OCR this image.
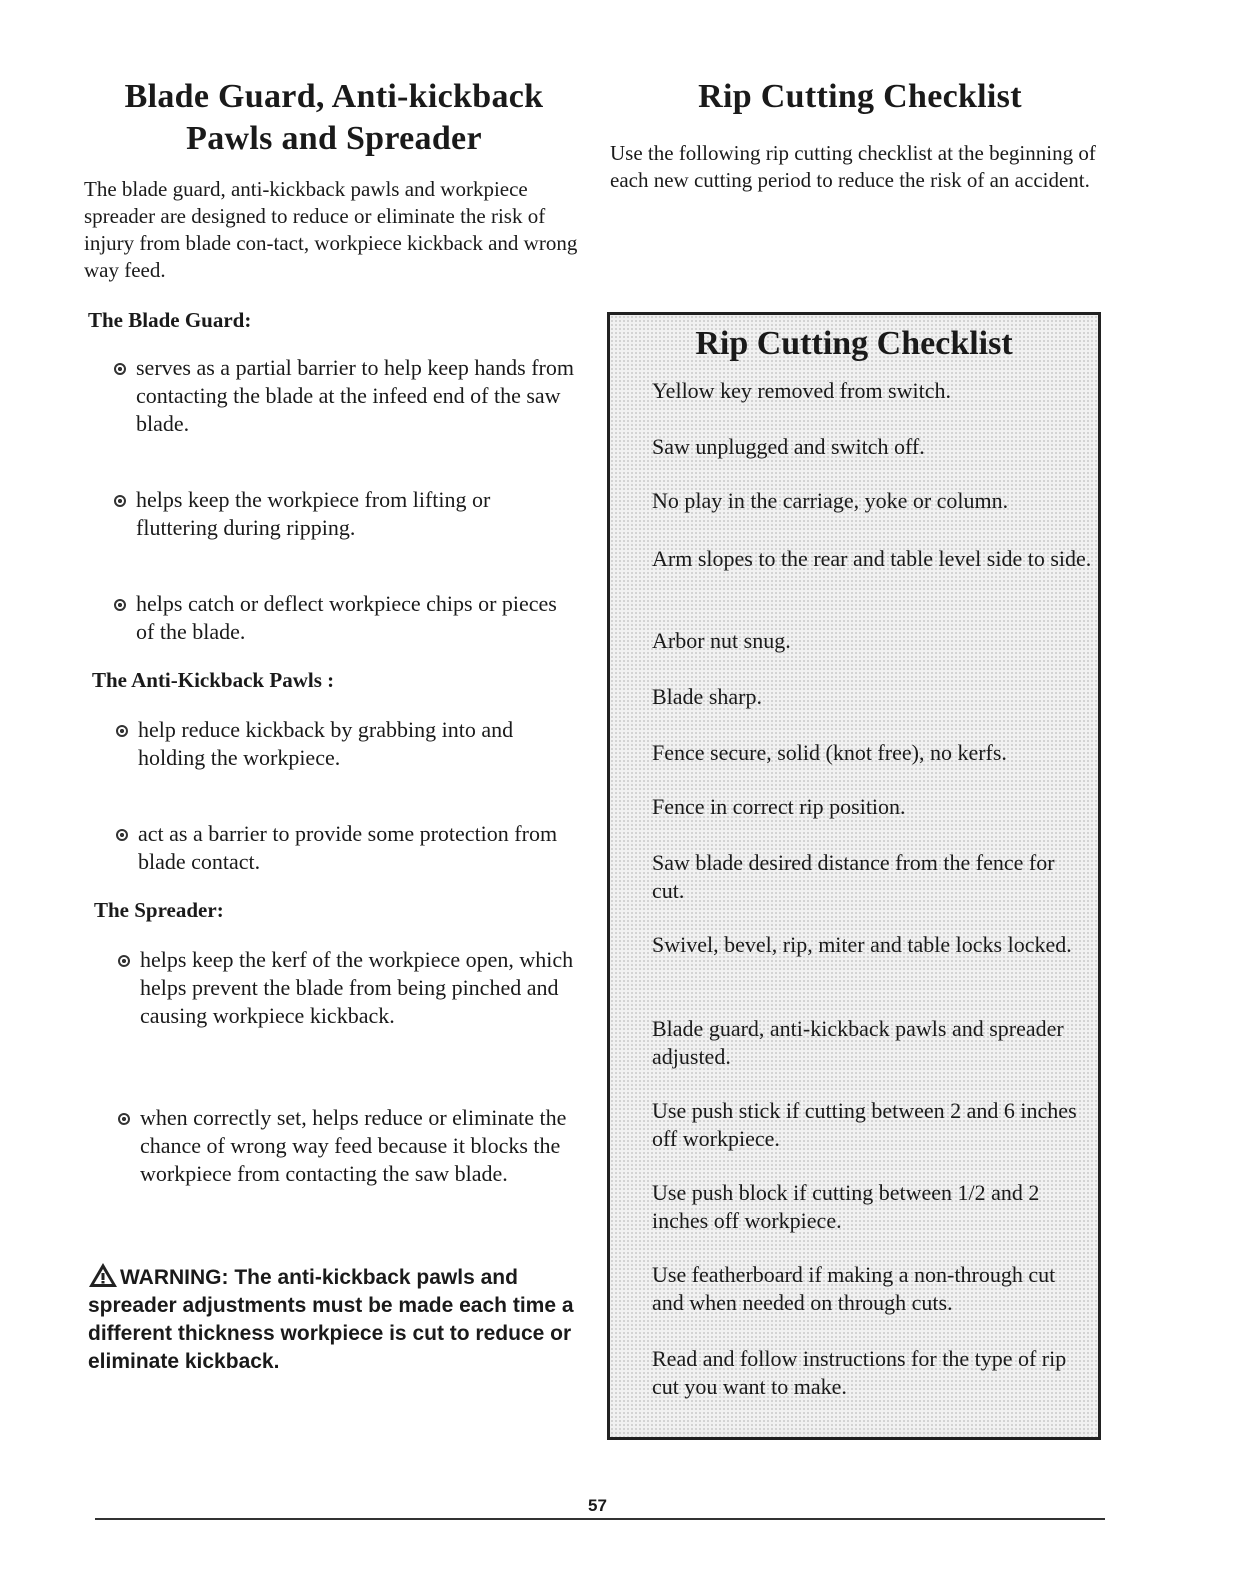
Blade Guard, Anti-kickback Pawls and Spreader

The blade guard, anti-kickback pawls and workpiece spreader are designed to reduce or eliminate the risk of injury from blade con-tact, workpiece kickback and wrong way feed.

The Blade Guard:
serves as a partial barrier to help keep hands from contacting the blade at the infeed end of the saw blade.
helps keep the workpiece from lifting or fluttering during ripping.
helps catch or deflect workpiece chips or pieces of the blade.
The Anti-Kickback Pawls :
help reduce kickback by grabbing into and holding the workpiece.
act as a barrier to provide some protection from blade contact.
The Spreader:
helps keep the kerf of the workpiece open, which helps prevent the blade from being pinched and causing workpiece kickback.
when correctly set, helps reduce or eliminate the chance of wrong way feed because it blocks the workpiece from contacting the saw blade.
WARNING: The anti-kickback pawls and spreader adjustments must be made each time a different thickness workpiece is cut to reduce or eliminate kickback.
Rip Cutting Checklist

Use the following rip cutting checklist at the beginning of each new cutting period to reduce the risk of an accident.

Rip Cutting Checklist
Yellow key removed from switch.
Saw unplugged and switch off.
No play in the carriage, yoke or column.
Arm slopes to the rear and table level side to side.
Arbor nut snug.
Blade sharp.
Fence secure, solid (knot free), no kerfs.
Fence in correct rip position.
Saw blade desired distance from the fence for cut.
Swivel, bevel, rip, miter and table locks locked.
Blade guard, anti-kickback pawls and spreader adjusted.
Use push stick if cutting between 2 and 6 inches off workpiece.
Use push block if cutting between 1/2 and 2 inches off workpiece.
Use featherboard if making a non-through cut and when needed on through cuts.
Read and follow instructions for the type of rip cut you want to make.
57
